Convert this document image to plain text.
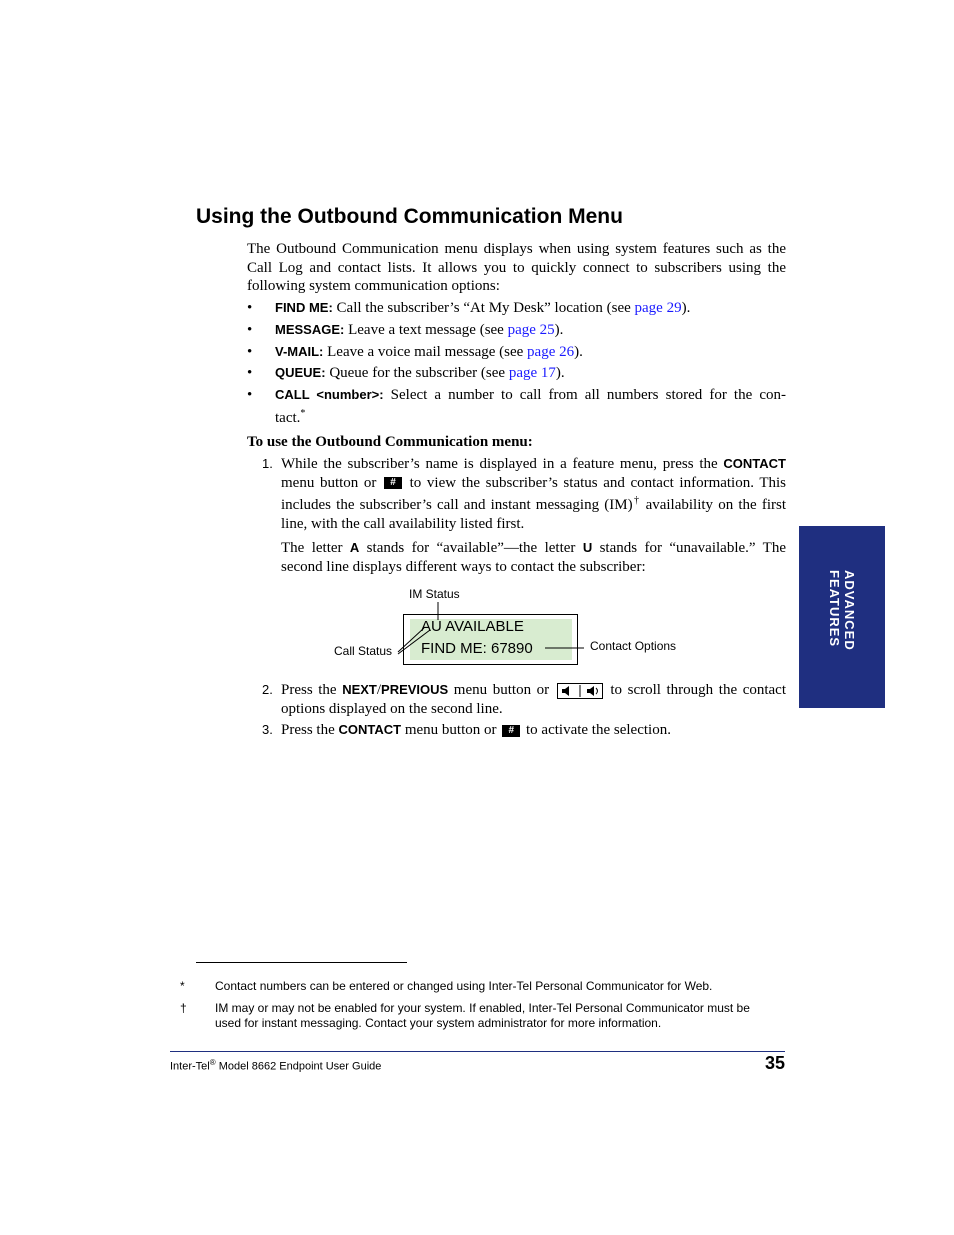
Using the Outbound Communication Menu
The Outbound Communication menu displays when using system features such as the Call Log and contact lists. It allows you to quickly connect to subscribers using the following system communication options:
• FIND ME: Call the subscriber’s “At My Desk” location (see page 29).
• MESSAGE: Leave a text message (see page 25).
• V-MAIL: Leave a voice mail message (see page 26).
• QUEUE: Queue for the subscriber (see page 17).
• CALL <number>: Select a number to call from all numbers stored for the con-
tact.*
To use the Outbound Communication menu:
1. While the subscriber’s name is displayed in a feature menu, press the CONTACT menu button or # to view the subscriber’s status and contact information. This includes the subscriber’s call and instant messaging (IM)† availability on the first line, with the call availability listed first.
The letter A stands for “available”—the letter U stands for “unavailable.” The second line displays different ways to contact the subscriber:
IM Status
Call Status	Contact Options
AU AVAILABLE
FIND ME: 67890
2. Press the NEXT/PREVIOUS menu button or	to scroll through the contact options displayed on the second line.
3. Press the CONTACT menu button or # to activate the selection.
ADVANCED
FEATURES
*	Contact numbers can be entered or changed using Inter-Tel Personal Communicator for Web.
† IM may or may not be enabled for your system. If enabled, Inter-Tel Personal Communicator must be used for instant messaging. Contact your system administrator for more information.
Inter-Tel® Model 8662 Endpoint User Guide	35
